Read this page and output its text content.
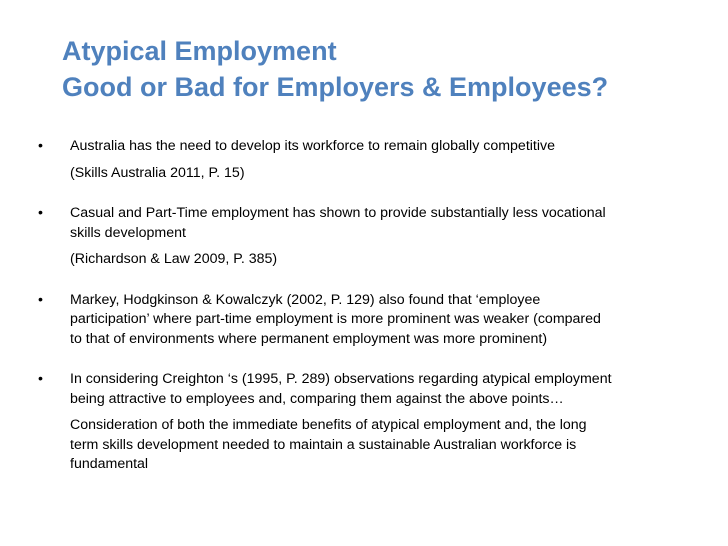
Atypical Employment
Good or Bad for Employers & Employees?
•	Australia has the need to develop its workforce to remain globally competitive
(Skills Australia 2011, P. 15)
•	Casual and Part-Time employment has shown to provide substantially less vocational
skills development
(Richardson & Law 2009, P. 385)
•	Markey, Hodgkinson & Kowalczyk (2002, P. 129) also found that ‘employee
participation’ where part-time employment is more prominent was weaker (compared
to that of environments where permanent employment was more prominent)
•	In considering Creighton ‘s (1995, P. 289) observations regarding atypical employment
being attractive to employees and, comparing them against the above points…
Consideration of both the immediate benefits of atypical employment and, the long
term skills development needed to maintain a sustainable Australian workforce is
fundamental
